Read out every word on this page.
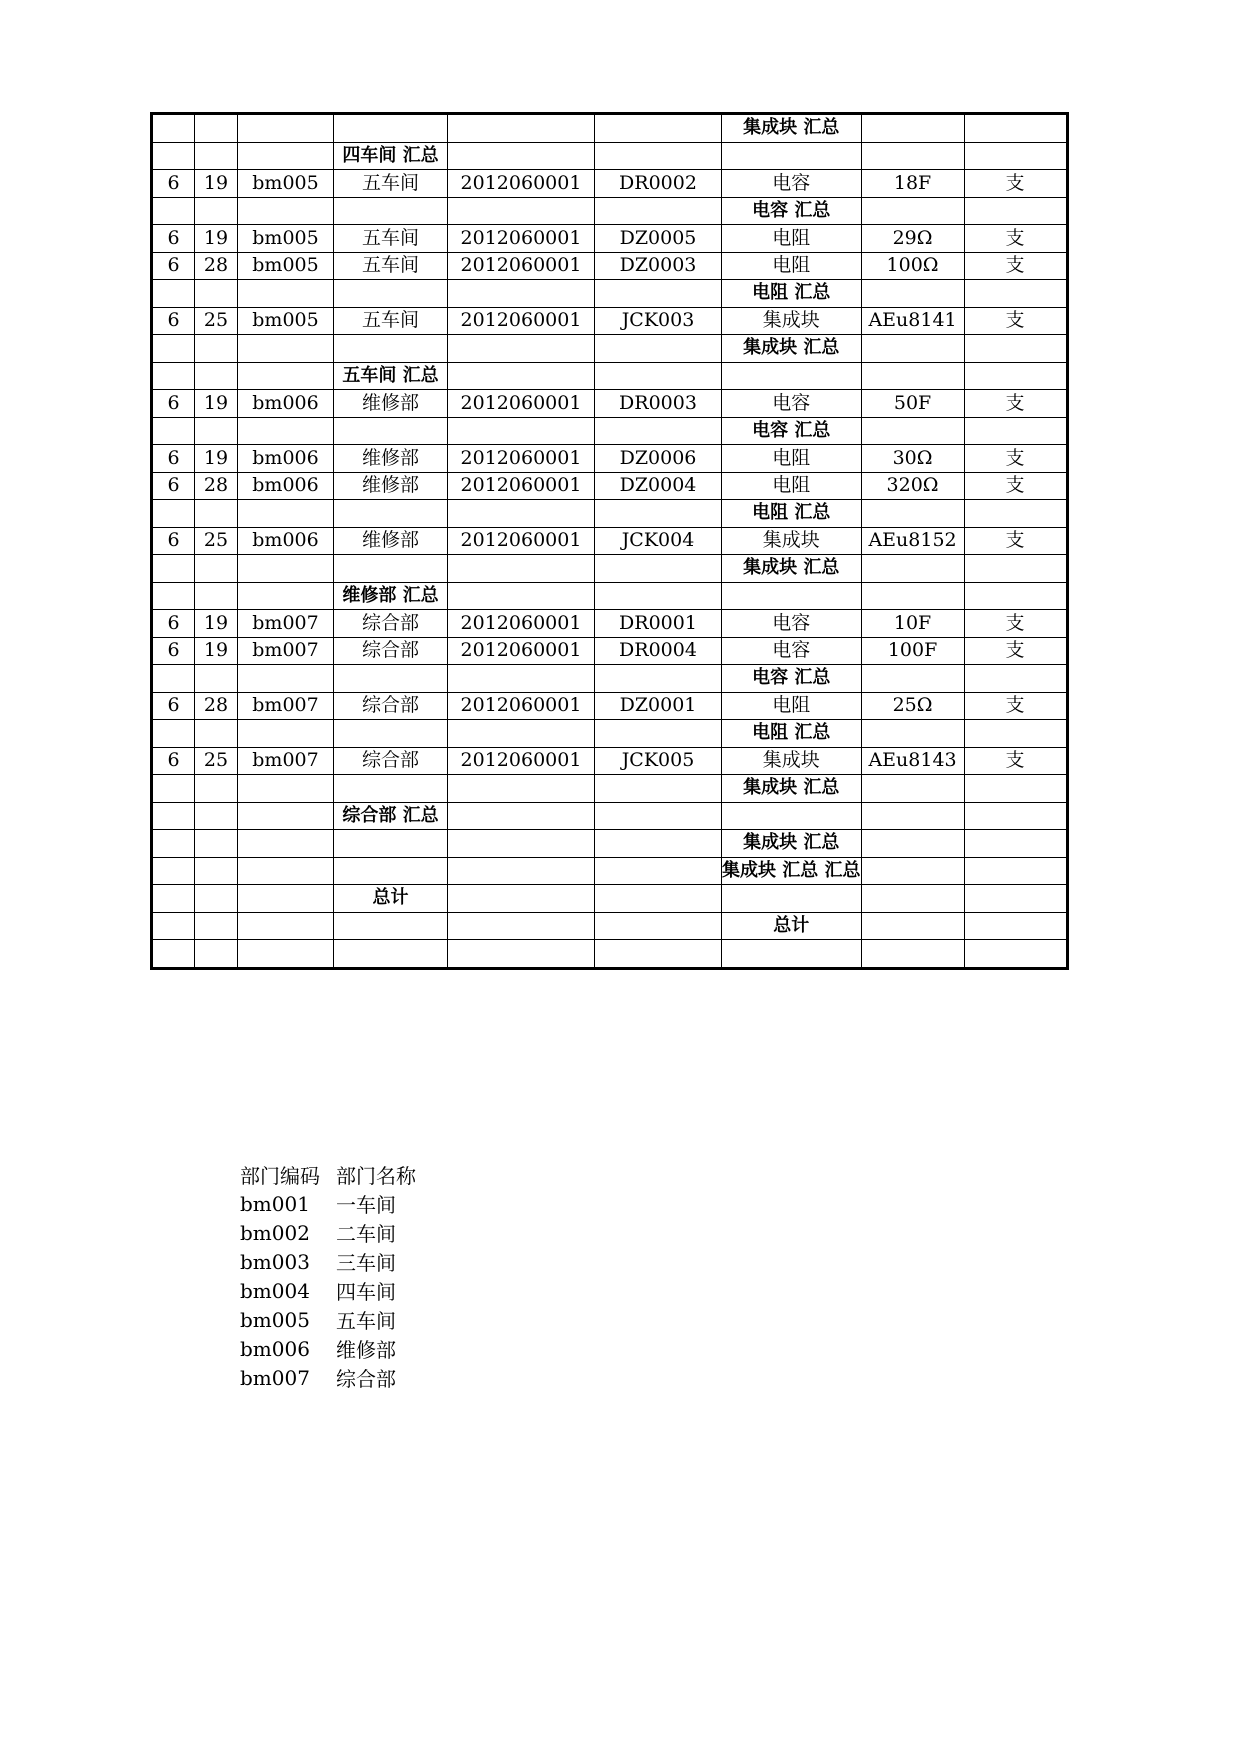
						集成块 汇总		
			四车间 汇总					
6	19	bm005	五车间	2012060001	DR0002	电容	18F	支
						电容 汇总		
6	19	bm005	五车间	2012060001	DZ0005	电阻	29Ω	支
6	28	bm005	五车间	2012060001	DZ0003	电阻	100Ω	支
						电阻 汇总		
6	25	bm005	五车间	2012060001	JCK003	集成块	AEu8141	支
						集成块 汇总		
			五车间 汇总					
6	19	bm006	维修部	2012060001	DR0003	电容	50F	支
						电容 汇总		
6	19	bm006	维修部	2012060001	DZ0006	电阻	30Ω	支
6	28	bm006	维修部	2012060001	DZ0004	电阻	320Ω	支
						电阻 汇总		
6	25	bm006	维修部	2012060001	JCK004	集成块	AEu8152	支
						集成块 汇总		
			维修部 汇总					
6	19	bm007	综合部	2012060001	DR0001	电容	10F	支
6	19	bm007	综合部	2012060001	DR0004	电容	100F	支
						电容 汇总		
6	28	bm007	综合部	2012060001	DZ0001	电阻	25Ω	支
						电阻 汇总		
6	25	bm007	综合部	2012060001	JCK005	集成块	AEu8143	支
						集成块 汇总		
			综合部 汇总					
						集成块 汇总		
						集成块 汇总 汇总		
			总计					
						总计		

部门编码	部门名称
bm001	一车间
bm002	二车间
bm003	三车间
bm004	四车间
bm005	五车间
bm006	维修部
bm007	综合部
